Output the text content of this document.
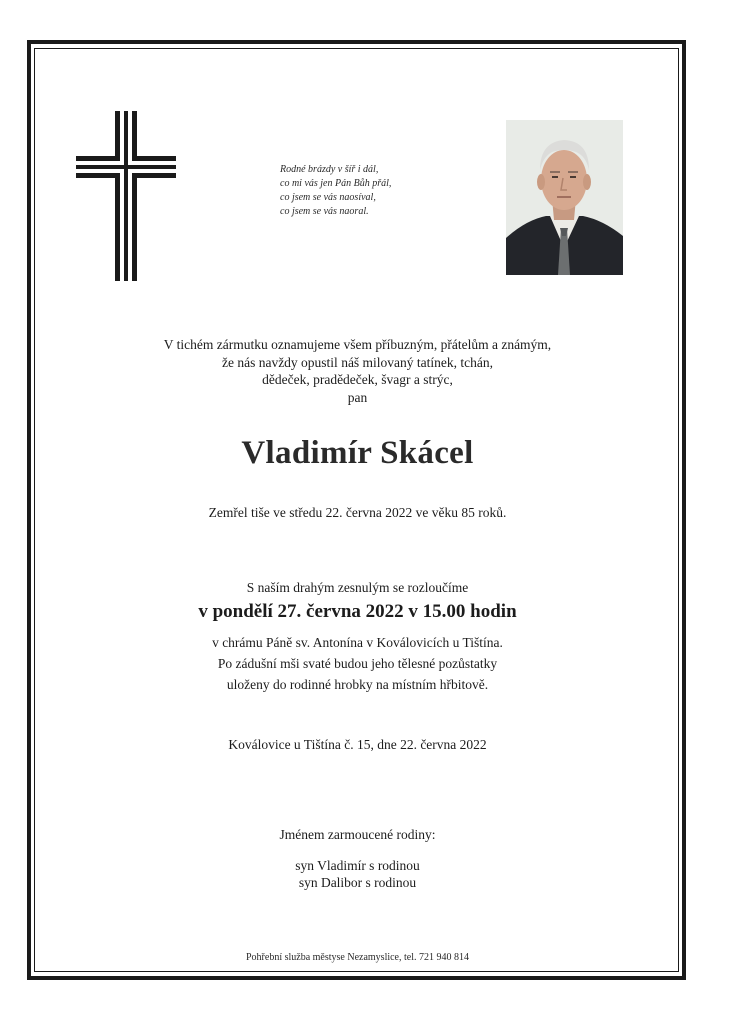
Rodné brázdy v šíř i dál,
co mi vás jen Pán Bůh přál,
co jsem se vás naosíval,
co jsem se vás naoral.
V tichém zármutku oznamujeme všem příbuzným, přátelům a známým,
že nás navždy opustil náš milovaný tatínek, tchán,
dědeček, pradědeček, švagr a strýc,
pan
Vladimír Skácel
Zemřel tiše ve středu 22. června 2022 ve věku 85 roků.
S naším drahým zesnulým se rozloučíme
v pondělí 27. června 2022 v 15.00 hodin
v chrámu Páně sv. Antonína v Koválovicích u Tištína.
Po zádušní mši svaté budou jeho tělesné pozůstatky
uloženy do rodinné hrobky na místním hřbitově.
Koválovice u Tištína č. 15, dne 22. června 2022
Jménem zarmoucené rodiny:
syn Vladimír s rodinou
syn Dalibor s rodinou
Pohřební služba městyse Nezamyslice, tel. 721 940 814
